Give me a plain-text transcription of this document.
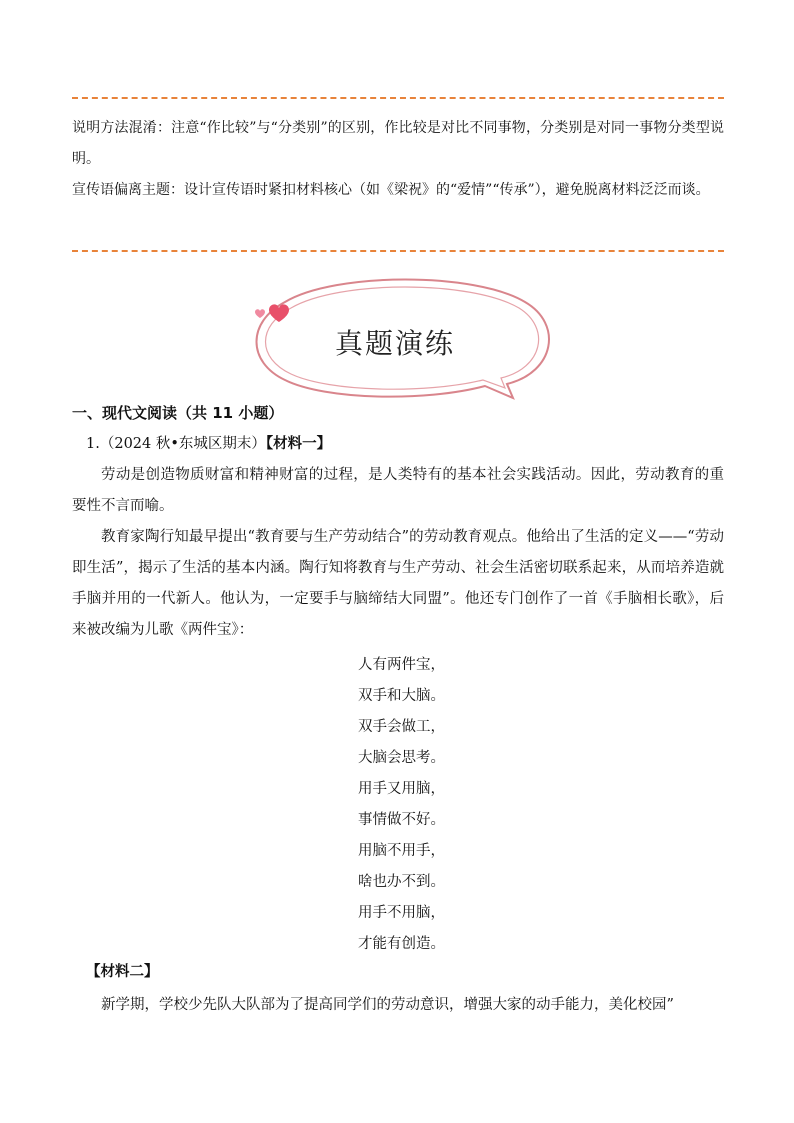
说明方法混淆：注意“作比较”与“分类别”的区别，作比较是对比不同事物，分类别是对同一事物分类型说明。

宣传语偏离主题：设计宣传语时紧扣材料核心（如《梁祝》的“爱情”“传承”），避免脱离材料泛泛而谈。

真题演练
一、现代文阅读（共 11 小题）
1.（2024 秋•东城区期末）【材料一】

劳动是创造物质财富和精神财富的过程，是人类特有的基本社会实践活动。因此，劳动教育的重要性不言而喻。

教育家陶行知最早提出“教育要与生产劳动结合”的劳动教育观点。他给出了生活的定义——“劳动即生活”，揭示了生活的基本内涵。陶行知将教育与生产劳动、社会生活密切联系起来，从而培养造就手脑并用的一代新人。他认为，一定要手与脑缔结大同盟”。他还专门创作了一首《手脑相长歌》，后来被改编为儿歌《两件宝》：

人有两件宝，
双手和大脑。
双手会做工，
大脑会思考。
用手又用脑，
事情做不好。
用脑不用手，
啥也办不到。
用手不用脑，
才能有创造。
【材料二】

新学期，学校少先队大队部为了提高同学们的劳动意识，增强大家的动手能力，美化校园”
